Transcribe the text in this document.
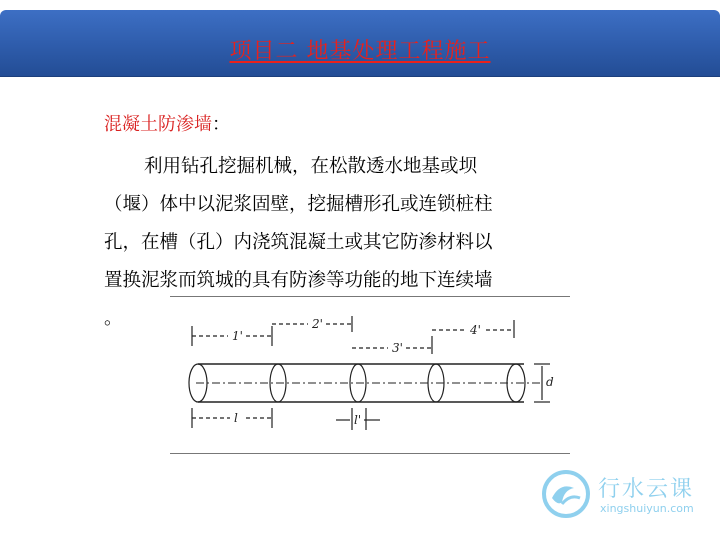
项目二 地基处理工程施工
混凝土防渗墙：
利用钻孔挖掘机械，在松散透水地基或坝
（堰）体中以泥浆固壁，挖掘槽形孔或连锁桩柱
孔，在槽（孔）内浇筑混凝土或其它防渗材料以
置换泥浆而筑城的具有防渗等功能的地下连续墙
。
1'
2'
3'
4'
l	l'
d
行水云课
xingshuiyun.com
